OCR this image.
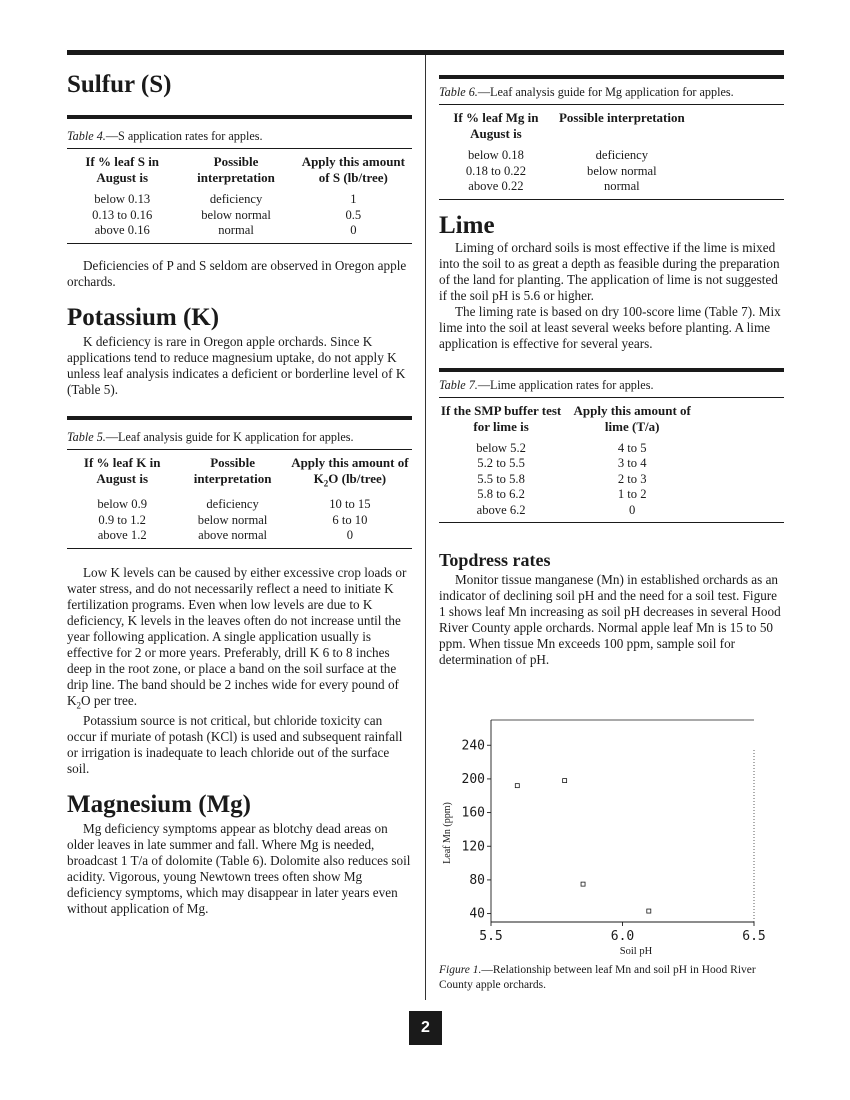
Sulfur (S)
Table 4.—S application rates for apples.
If % leaf S in August is	Possible interpretation	Apply this amount of S (lb/tree)
below 0.13	deficiency	1
0.13 to 0.16	below normal	0.5
above 0.16	normal	0

Deficiencies of P and S seldom are observed in Oregon apple orchards.

Potassium (K)

K deficiency is rare in Oregon apple orchards. Since K applications tend to reduce magnesium uptake, do not apply K unless leaf analysis indicates a deficient or borderline level of K (Table 5).

Table 5.—Leaf analysis guide for K application for apples.
If % leaf K in August is	Possible interpretation	Apply this amount of $K_2O$ (lb/tree)
below 0.9	deficiency	10 to 15
0.9 to 1.2	below normal	6 to 10
above 1.2	above normal	0

Low K levels can be caused by either excessive crop loads or water stress, and do not necessarily reflect a need to initiate K fertilization programs. Even when low levels are due to K deficiency, K levels in the leaves often do not increase until the year following application. A single application usually is effective for 2 or more years. Preferably, drill K 6 to 8 inches deep in the root zone, or place a band on the soil surface at the drip line. The band should be 2 inches wide for every pound of $K_2O$ per tree.

Potassium source is not critical, but chloride toxicity can occur if muriate of potash (KCl) is used and subsequent rainfall or irrigation is inadequate to leach chloride out of the surface soil.

Magnesium (Mg)

Mg deficiency symptoms appear as blotchy dead areas on older leaves in late summer and fall. Where Mg is needed, broadcast 1 T/a of dolomite (Table 6). Dolomite also reduces soil acidity. Vigorous, young Newtown trees often show Mg deficiency symptoms, which may disappear in later years even without application of Mg.

Table 6.—Leaf analysis guide for Mg application for apples.
If % leaf Mg in August is	Possible interpretation	
below 0.18	deficiency	
0.18 to 0.22	below normal	
above 0.22	normal	
Lime

Liming of orchard soils is most effective if the lime is mixed into the soil to as great a depth as feasible during the preparation of the land for planting. The application of lime is not suggested if the soil pH is 5.6 or higher.

The liming rate is based on dry 100-score lime (Table 7). Mix lime into the soil at least several weeks before planting. A lime application is effective for several years.

Table 7.—Lime application rates for apples.
If the SMP buffer test for lime is	Apply this amount of lime (T/a)	
below 5.2	4 to 5	
5.2 to 5.5	3 to 4	
5.5 to 5.8	2 to 3	
5.8 to 6.2	1 to 2	
above 6.2	0	
Topdress rates

Monitor tissue manganese (Mn) in established orchards as an indicator of declining soil pH and the need for a soil test. Figure 1 shows leaf Mn increasing as soil pH decreases in several Hood River County apple orchards. Normal apple leaf Mn is 15 to 50 ppm. When tissue Mn exceeds 100 ppm, sample soil for determination of pH.

40
80
120
160
200
240
5.5	6.0	6.5
Leaf Mn (ppm)
Soil pH
Figure 1.—Relationship between leaf Mn and soil pH in Hood River County apple orchards.
2
